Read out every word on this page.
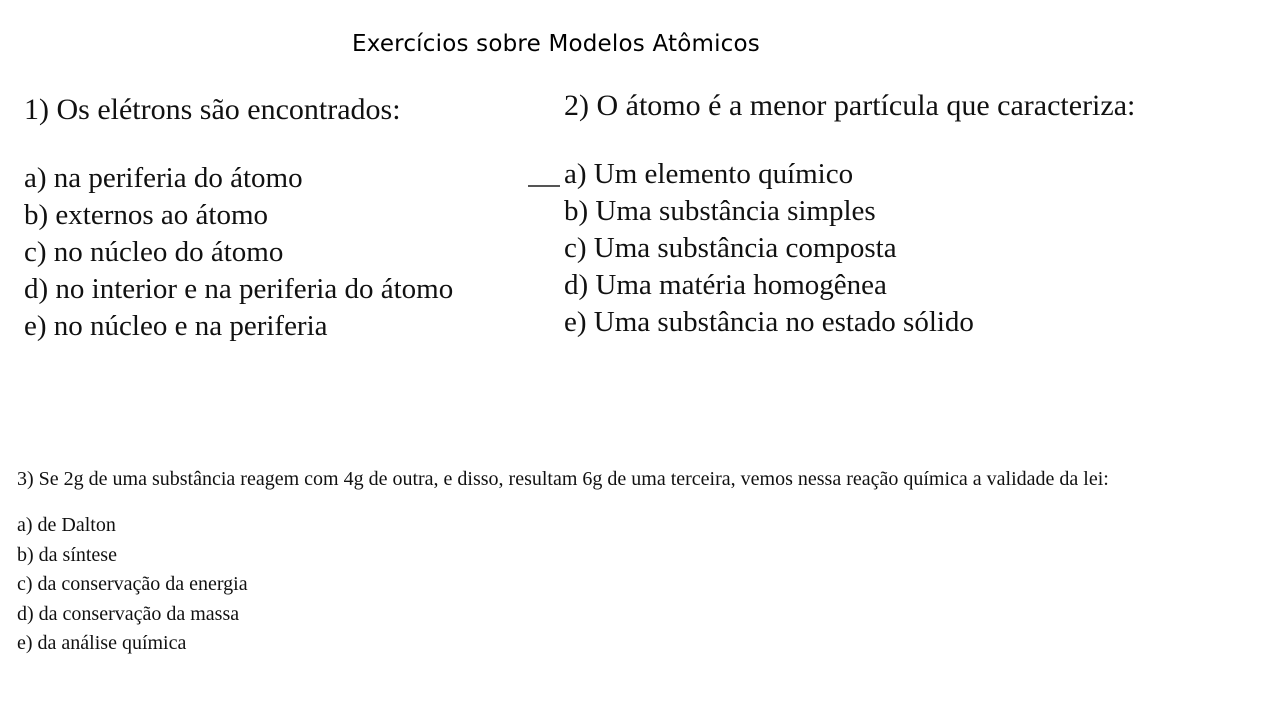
Exercícios sobre Modelos Atômicos
1) Os elétrons são encontrados:
a) na periferia do átomo
b) externos ao átomo
c) no núcleo do átomo
d) no interior e na periferia do átomo
e) no núcleo e na periferia
2) O átomo é a menor partícula que caracteriza:
a) Um elemento químico
b) Uma substância simples
c) Uma substância composta
d) Uma matéria homogênea
e) Uma substância no estado sólido
3) Se 2g de uma substância reagem com 4g de outra, e disso, resultam 6g de uma terceira, vemos nessa reação química a validade da lei:
a) de Dalton
b) da síntese
c) da conservação da energia
d) da conservação da massa
e) da análise química
